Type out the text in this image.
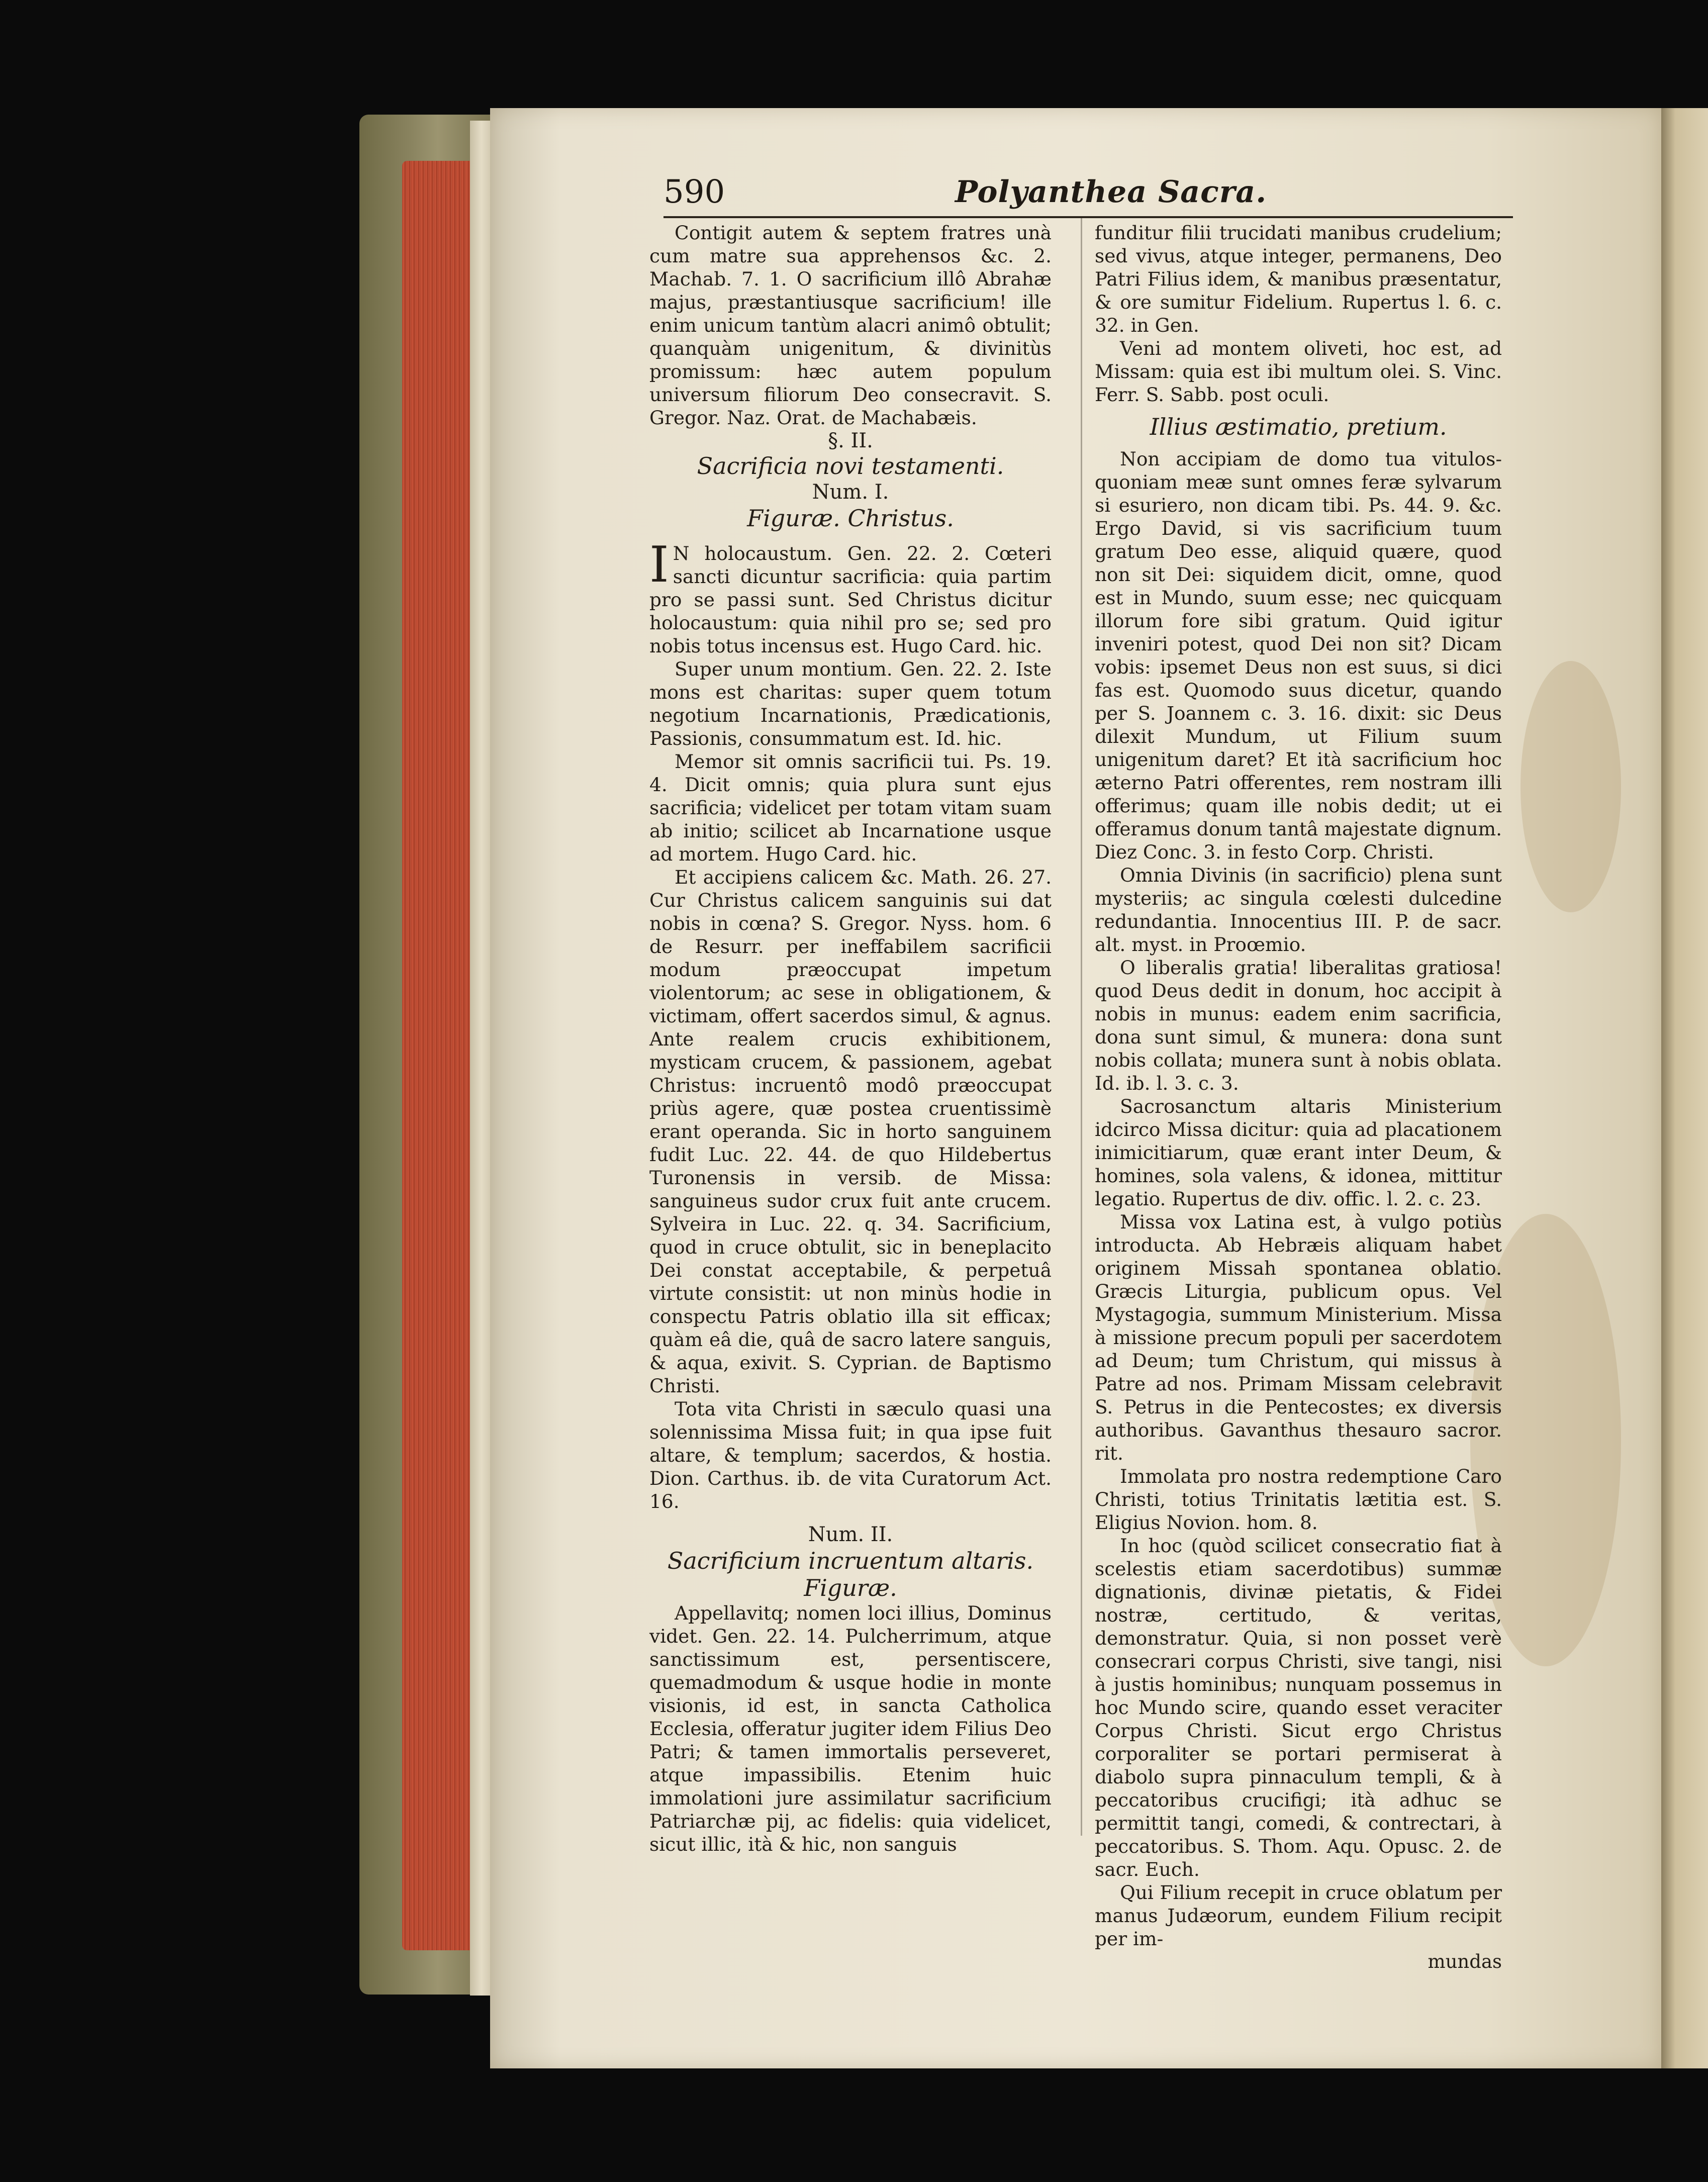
590	Polyanthea Sacra.

Contigit autem & septem fratres unà cum matre sua apprehensos &c. 2. Machab. 7. 1. O sacrificium illô Abrahæ majus, præstantiusque sacrificium! ille enim unicum tantùm alacri animô obtulit; quanquàm unigenitum, & divinitùs promissum: hæc autem populum universum filiorum Deo consecravit. S. Gregor. Naz. Orat. de Machabæis.

§. II.

Sacrificia novi testamenti.

Num. I.

Figuræ. Christus.

I N holocaustum. Gen. 22. 2. Cœteri sancti dicuntur sacrificia: quia partim pro se passi sunt. Sed Christus dicitur holocaustum: quia nihil pro se; sed pro nobis totus incensus est. Hugo Card. hic.

Super unum montium. Gen. 22. 2. Iste mons est charitas: super quem totum negotium Incarnationis, Prædicationis, Passionis, consummatum est. Id. hic.

Memor sit omnis sacrificii tui. Ps. 19. 4. Dicit omnis; quia plura sunt ejus sacrificia; videlicet per totam vitam suam ab initio; scilicet ab Incarnatione usque ad mortem. Hugo Card. hic.

Et accipiens calicem &c. Math. 26. 27. Cur Christus calicem sanguinis sui dat nobis in cœna? S. Gregor. Nyss. hom. 6 de Resurr. per ineffabilem sacrificii modum præoccupat impetum violentorum; ac sese in obligationem, & victimam, offert sacerdos simul, & agnus. Ante realem crucis exhibitionem, mysticam crucem, & passionem, agebat Christus: incruentô modô præoccupat priùs agere, quæ postea cruentissimè erant operanda. Sic in horto sanguinem fudit Luc. 22. 44. de quo Hildebertus Turonensis in versib. de Missa: sanguineus sudor crux fuit ante crucem. Sylveira in Luc. 22. q. 34. Sacrificium, quod in cruce obtulit, sic in beneplacito Dei constat acceptabile, & perpetuâ virtute consistit: ut non minùs hodie in conspectu Patris oblatio illa sit efficax; quàm eâ die, quâ de sacro latere sanguis, & aqua, exivit. S. Cyprian. de Baptismo Christi.

Tota vita Christi in sæculo quasi una solennissima Missa fuit; in qua ipse fuit altare, & templum; sacerdos, & hostia. Dion. Carthus. ib. de vita Curatorum Act. 16.

Num. II.

Sacrificium incruentum altaris.

Figuræ.

Appellavitq; nomen loci illius, Dominus videt. Gen. 22. 14. Pulcherrimum, atque sanctissimum est, persentiscere, quemadmodum & usque hodie in monte visionis, id est, in sancta Catholica Ecclesia, offeratur jugiter idem Filius Deo Patri; & tamen immortalis perseveret, atque impassibilis. Etenim huic immolationi jure assimilatur sacrificium Patriarchæ pij, ac fidelis: quia videlicet, sicut illic, ità & hic, non sanguis

funditur filii trucidati manibus crudelium; sed vivus, atque integer, permanens, Deo Patri Filius idem, & manibus præsentatur, & ore sumitur Fidelium. Rupertus l. 6. c. 32. in Gen.

Veni ad montem oliveti, hoc est, ad Missam: quia est ibi multum olei. S. Vinc. Ferr. S. Sabb. post oculi.

Illius æstimatio, pretium.

Non accipiam de domo tua vitulos-quoniam meæ sunt omnes feræ sylvarum si esuriero, non dicam tibi. Ps. 44. 9. &c. Ergo David, si vis sacrificium tuum gratum Deo esse, aliquid quære, quod non sit Dei: siquidem dicit, omne, quod est in Mundo, suum esse; nec quicquam illorum fore sibi gratum. Quid igitur inveniri potest, quod Dei non sit? Dicam vobis: ipsemet Deus non est suus, si dici fas est. Quomodo suus dicetur, quando per S. Joannem c. 3. 16. dixit: sic Deus dilexit Mundum, ut Filium suum unigenitum daret? Et ità sacrificium hoc æterno Patri offerentes, rem nostram illi offerimus; quam ille nobis dedit; ut ei offeramus donum tantâ majestate dignum. Diez Conc. 3. in festo Corp. Christi.

Omnia Divinis (in sacrificio) plena sunt mysteriis; ac singula cœlesti dulcedine redundantia. Innocentius III. P. de sacr. alt. myst. in Proœmio.

O liberalis gratia! liberalitas gratiosa! quod Deus dedit in donum, hoc accipit à nobis in munus: eadem enim sacrificia, dona sunt simul, & munera: dona sunt nobis collata; munera sunt à nobis oblata. Id. ib. l. 3. c. 3.

Sacrosanctum altaris Ministerium idcirco Missa dicitur: quia ad placationem inimicitiarum, quæ erant inter Deum, & homines, sola valens, & idonea, mittitur legatio. Rupertus de div. offic. l. 2. c. 23.

Missa vox Latina est, à vulgo potiùs introducta. Ab Hebræis aliquam habet originem Missah spontanea oblatio. Græcis Liturgia, publicum opus. Vel Mystagogia, summum Ministerium. Missa à missione precum populi per sacerdotem ad Deum; tum Christum, qui missus à Patre ad nos. Primam Missam celebravit S. Petrus in die Pentecostes; ex diversis authoribus. Gavanthus thesauro sacror. rit.

Immolata pro nostra redemptione Caro Christi, totius Trinitatis lætitia est. S. Eligius Novion. hom. 8.

In hoc (quòd scilicet consecratio fiat à scelestis etiam sacerdotibus) summæ dignationis, divinæ pietatis, & Fidei nostræ, certitudo, & veritas, demonstratur. Quia, si non posset verè consecrari corpus Christi, sive tangi, nisi à justis hominibus; nunquam possemus in hoc Mundo scire, quando esset veraciter Corpus Christi. Sicut ergo Christus corporaliter se portari permiserat à diabolo supra pinnaculum templi, & à peccatoribus crucifigi; ità adhuc se permittit tangi, comedi, & contrectari, à peccatoribus. S. Thom. Aqu. Opusc. 2. de sacr. Euch.

Qui Filium recepit in cruce oblatum per manus Judæorum, eundem Filium recipit per im-

mundas
